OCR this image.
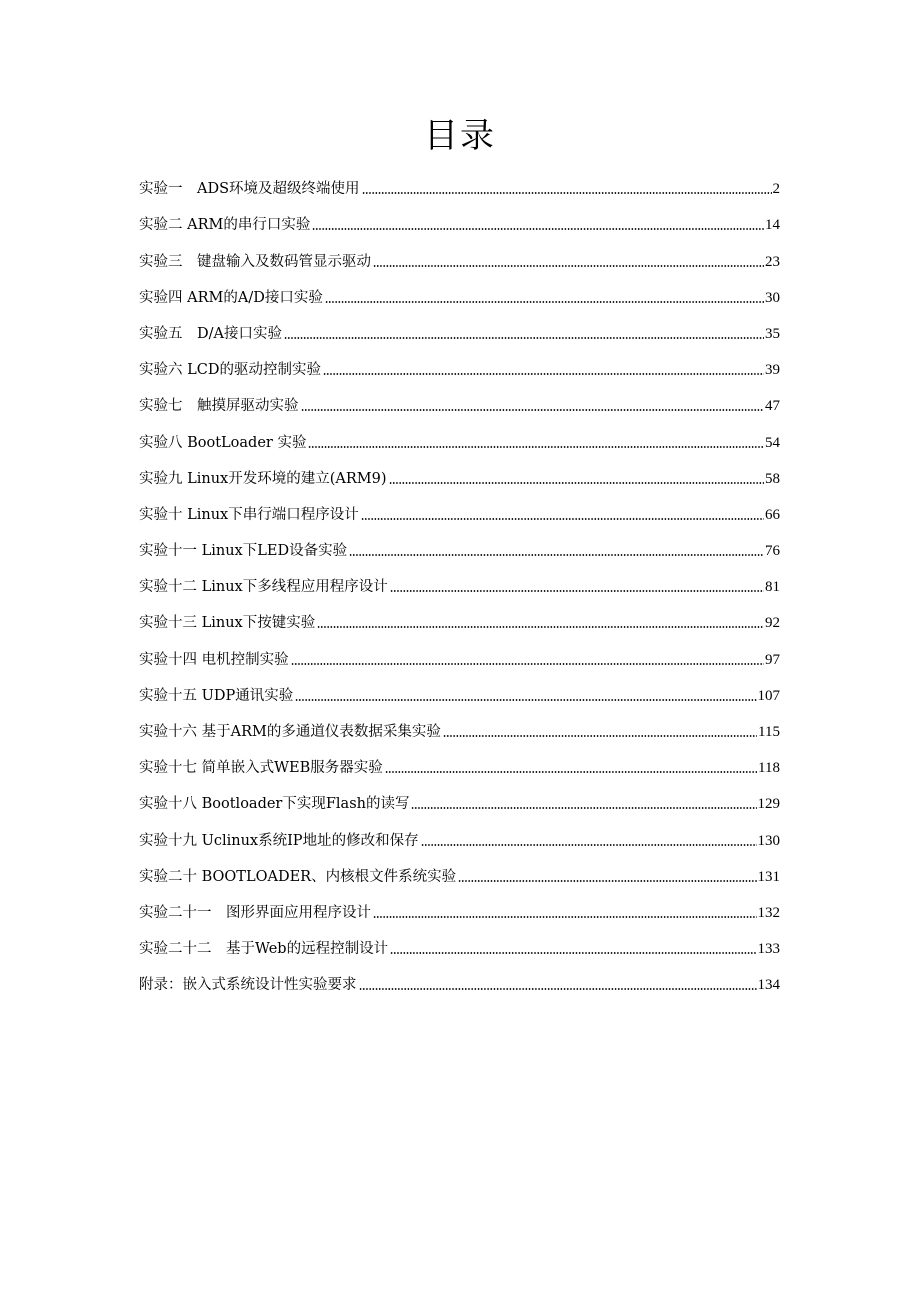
目录
实验一　ADS环境及超级终端使用	2
实验二 ARM的串行口实验	14
实验三　键盘输入及数码管显示驱动	23
实验四 ARM的A/D接口实验	30
实验五　D/A接口实验	35
实验六 LCD的驱动控制实验	39
实验七　触摸屏驱动实验	47
实验八 BootLoader 实验	54
实验九 Linux开发环境的建立(ARM9)	58
实验十 Linux下串行端口程序设计	66
实验十一 Linux下LED设备实验	76
实验十二 Linux下多线程应用程序设计	81
实验十三 Linux下按键实验	92
实验十四 电机控制实验	97
实验十五 UDP通讯实验	107
实验十六 基于ARM的多通道仪表数据采集实验	115
实验十七 简单嵌入式WEB服务器实验	118
实验十八 Bootloader下实现Flash的读写	129
实验十九 Uclinux系统IP地址的修改和保存	130
实验二十 BOOTLOADER、内核根文件系统实验	131
实验二十一　图形界面应用程序设计	132
实验二十二　基于Web的远程控制设计	133
附录：嵌入式系统设计性实验要求	134
